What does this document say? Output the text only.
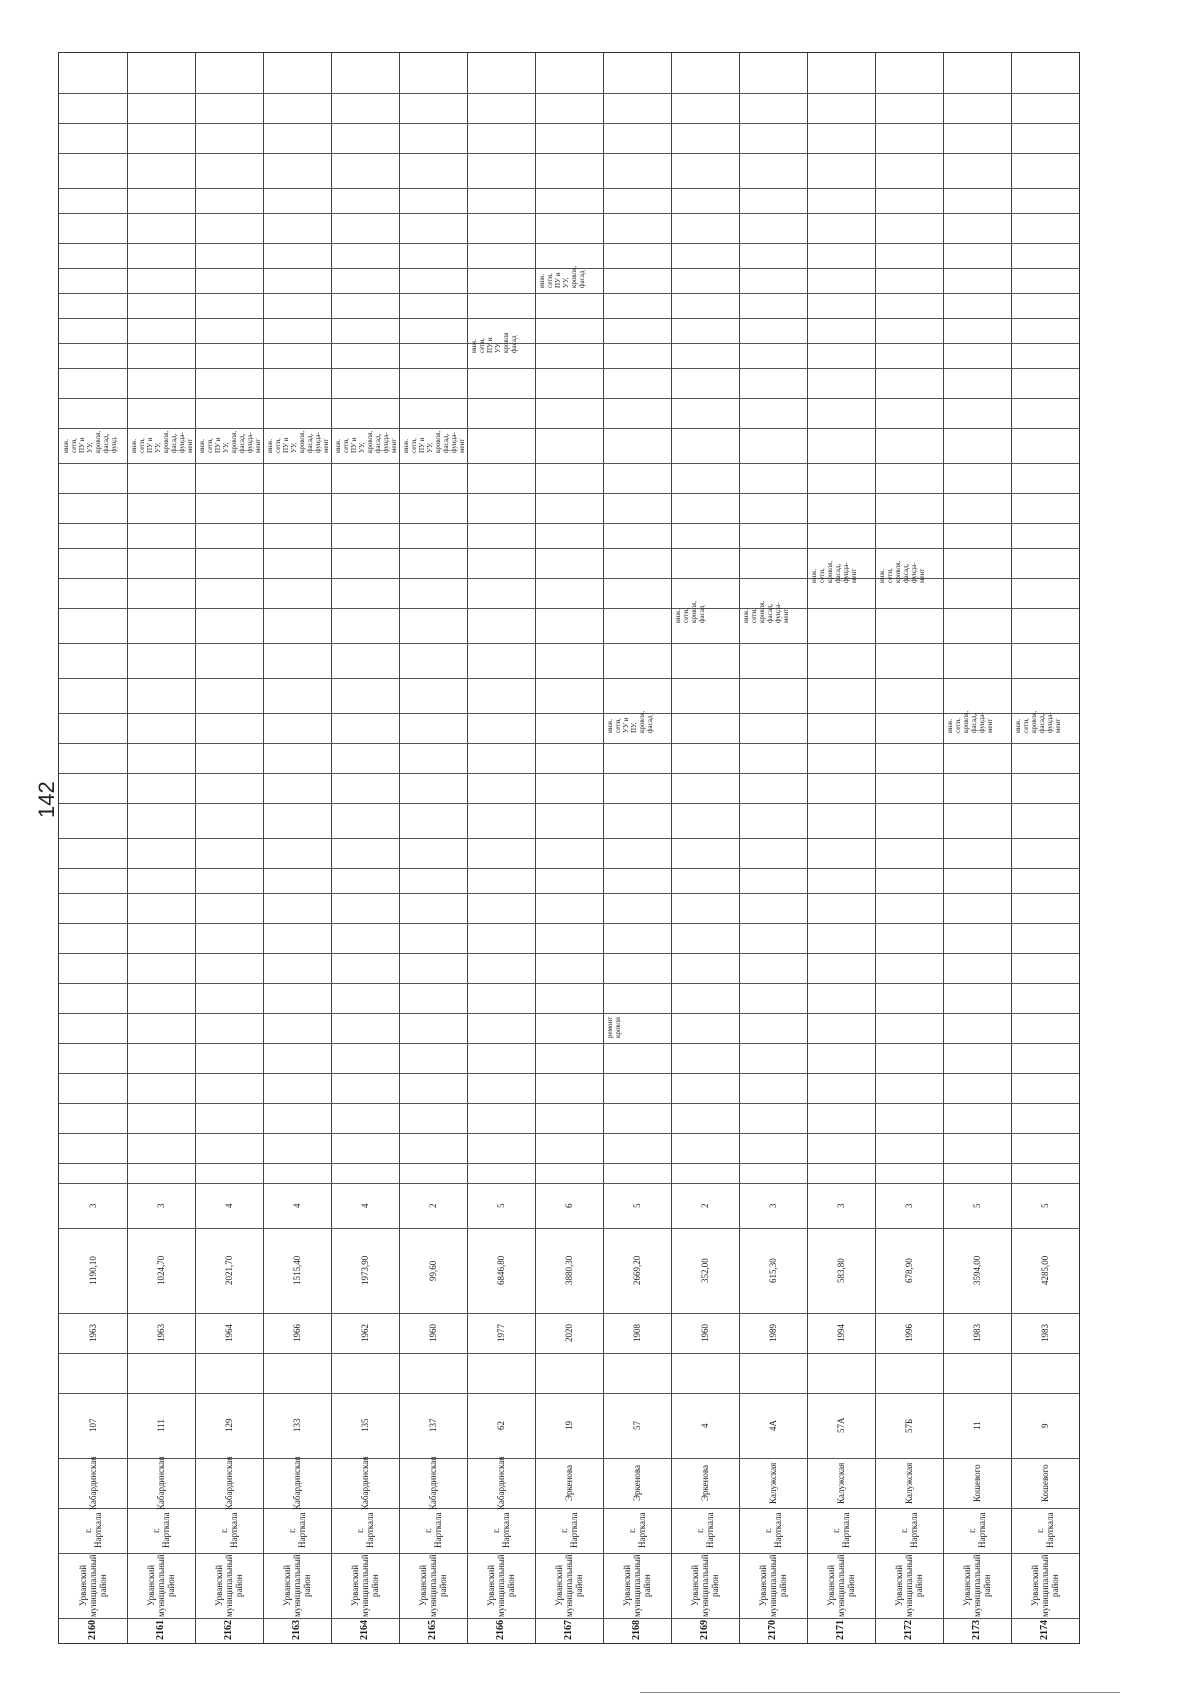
142
2160
Урванский
муниципальный
район
г.
Нарткала
Кабардинская
107
1963
1190,10
3
инж.
сети,
ПУ и
УУ,
кровля,
фасад,
фунд.
2161
Урванский
муниципальный
район
г.
Нарткала
Кабардинская
111
1963
1024,70
3
инж.
сети,
ПУ и
УУ,
кровля,
фасад,
фунда-
мент
2162
Урванский
муниципальный
район
г.
Нарткала
Кабардинская
129
1964
2021,70
4
инж.
сети,
ПУ и
УУ,
кровля,
фасад,
фунда-
мент
2163
Урванский
муниципальный
район
г.
Нарткала
Кабардинская
133
1966
1515,40
4
инж.
сети,
ПУ и
УУ,
кровля,
фасад,
фунда-
мент
2164
Урванский
муниципальный
район
г.
Нарткала
Кабардинская
135
1962
1973,90
4
инж.
сети,
ПУ и
УУ,
кровля,
фасад,
фунда-
мент
2165
Урванский
муниципальный
район
г.
Нарткала
Кабардинская
137
1960
99,60
2
инж.
сети,
ПУ и
УУ,
кровля,
фасад,
фунда-
мент
2166
Урванский
муниципальный
район
г.
Нарткала
Кабардинская
62
1977
6846,80
5
инж.
сети,
ПУ и
УУ,
кровля
фасад
2167
Урванский
муниципальный
район
г.
Нарткала
Эркенова
19
2020
3880,30
6
инж.
сети,
ПУ и
УУ,
кровля,
фасад
2168
Урванский
муниципальный
район
г.
Нарткала
Эркенова
57
1908
2669,20
5
инж.
сети,
УУ и
ПУ,
кровля,
фасад
ремонт
кровли
2169
Урванский
муниципальный
район
г.
Нарткала
Эркенова
4
1960
352,00
2
инж.
сети,
кровля,
фасад
2170
Урванский
муниципальный
район
г.
Нарткала
Калужская
4А
1989
615,30
3
инж.
сети,
кровля,
фасад,
фунда-
мент
2171
Урванский
муниципальный
район
г.
Нарткала
Калужская
57А
1994
583,80
3
инж.
сети,
кровля,
фасад,
фунда-
мент
2172
Урванский
муниципальный
район
г.
Нарткала
Калужская
57Б
1996
678,90
3
инж.
сети,
кровля,
фасад,
фунда-
мент
2173
Урванский
муниципальный
район
г.
Нарткала
Кошевого
11
1983
3594,00
5
инж.
сети,
кровля,
фасад,
фунда-
мент
2174
Урванский
муниципальный
район
г.
Нарткала
Кошевого
9
1983
4285,00
5
инж.
сети,
кровля,
фасад,
фунда-
мент
